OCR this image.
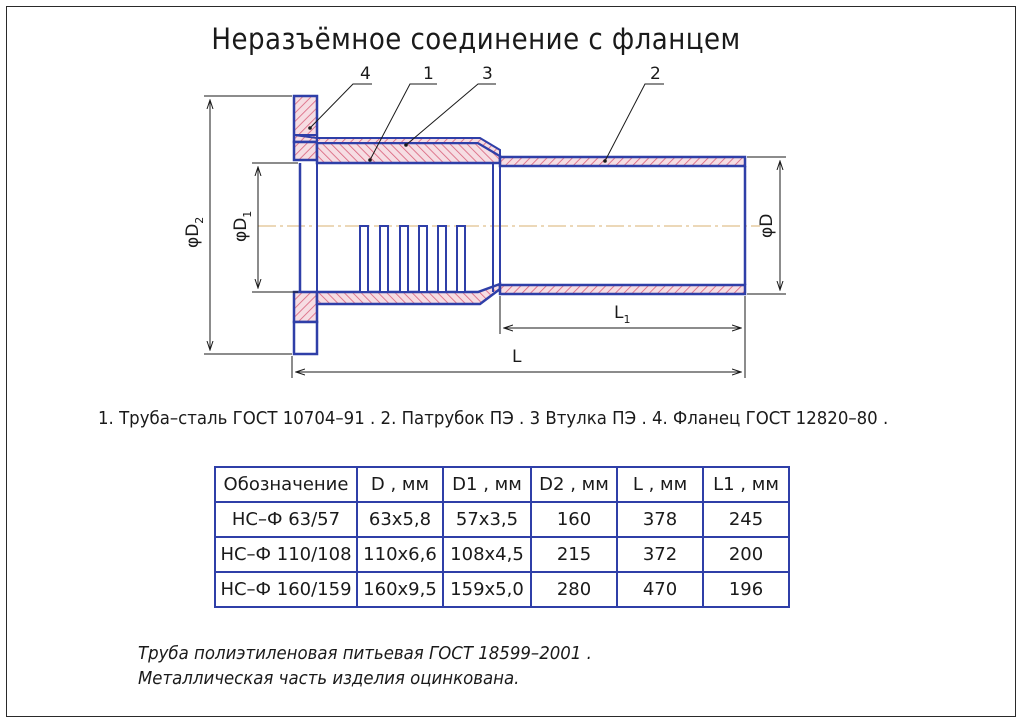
Неразъёмное соединение с фланцем
4	1	3	2
$\varphi D_2$ $\varphi D_1$	φD
$L_1$
L
1. Труба–сталь ГОСТ 10704–91 . 2. Патрубок ПЭ . 3 Втулка ПЭ . 4. Фланец ГОСТ 12820–80 .
Обозначение	D , мм	D1 , мм	D2 , мм	L , мм	L1 , мм
НС–Ф 63/57	63х5,8	57х3,5	160	378	245
НС–Ф 110/108	110х6,6	108х4,5	215	372	200
НС–Ф 160/159	160х9,5	159х5,0	280	470	196
Труба полиэтиленовая питьевая ГОСТ 18599–2001 .
Металлическая часть изделия оцинкована.
